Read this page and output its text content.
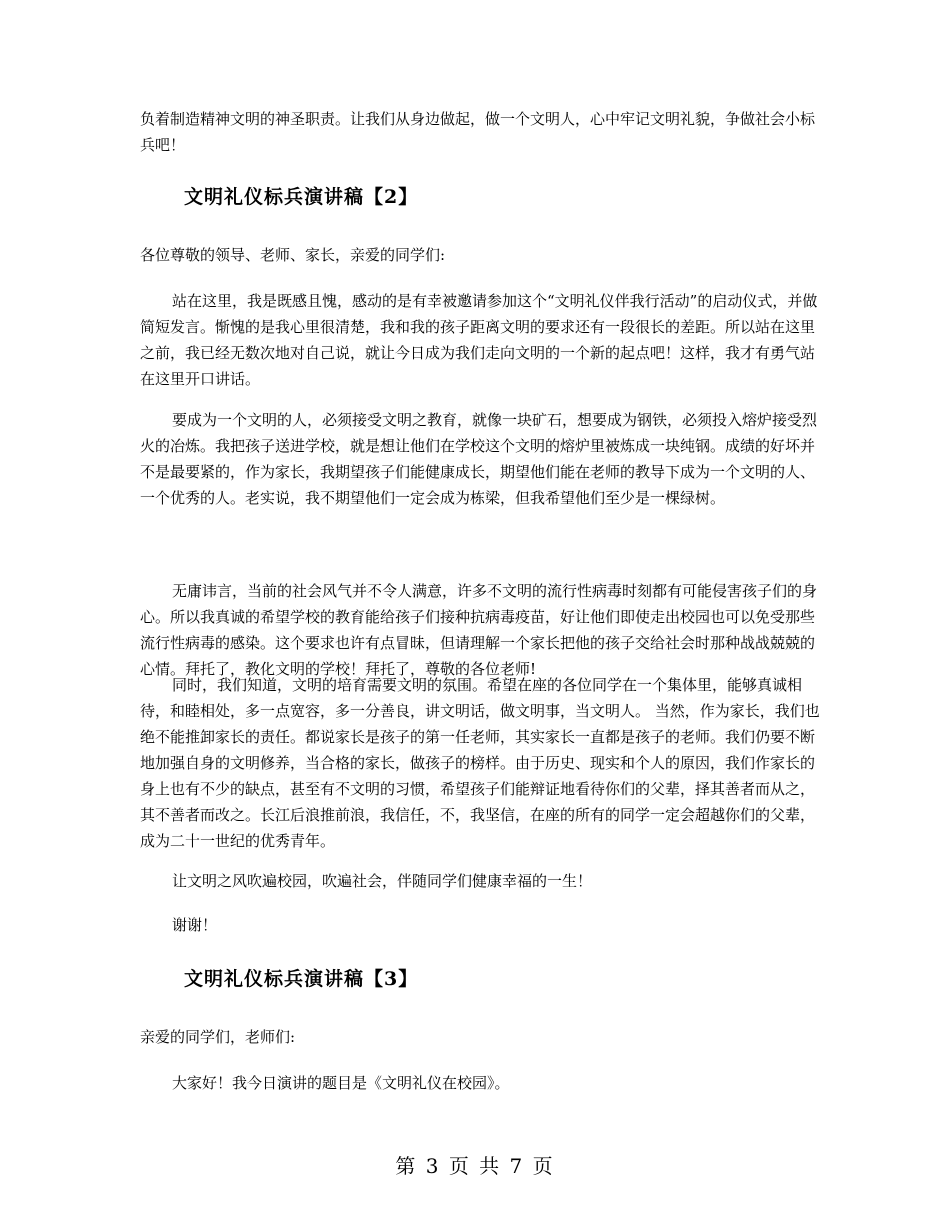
负着制造精神文明的神圣职责。让我们从身边做起，做一个文明人，心中牢记文明礼貌，争做社会小标兵吧！

文明礼仪标兵演讲稿【2】

各位尊敬的领导、老师、家长，亲爱的同学们:

站在这里，我是既感且愧，感动的是有幸被邀请参加这个“文明礼仪伴我行活动”的启动仪式，并做简短发言。惭愧的是我心里很清楚，我和我的孩子距离文明的要求还有一段很长的差距。所以站在这里之前，我已经无数次地对自己说，就让今日成为我们走向文明的一个新的起点吧！这样，我才有勇气站在这里开口讲话。

要成为一个文明的人，必须接受文明之教育，就像一块矿石，想要成为钢铁，必须投入熔炉接受烈火的冶炼。我把孩子送进学校，就是想让他们在学校这个文明的熔炉里被炼成一块纯钢。成绩的好坏并不是最要紧的，作为家长，我期望孩子们能健康成长，期望他们能在老师的教导下成为一个文明的人、一个优秀的人。老实说，我不期望他们一定会成为栋梁，但我希望他们至少是一棵绿树。

无庸讳言，当前的社会风气并不令人满意，许多不文明的流行性病毒时刻都有可能侵害孩子们的身心。所以我真诚的希望学校的教育能给孩子们接种抗病毒疫苗，好让他们即使走出校园也可以免受那些流行性病毒的感染。这个要求也许有点冒昧，但请理解一个家长把他的孩子交给社会时那种战战兢兢的心情。拜托了，教化文明的学校！拜托了，尊敬的各位老师!

同时，我们知道，文明的培育需要文明的氛围。希望在座的各位同学在一个集体里，能够真诚相待，和睦相处，多一点宽容，多一分善良，讲文明话，做文明事，当文明人。 当然，作为家长，我们也绝不能推卸家长的责任。都说家长是孩子的第一任老师，其实家长一直都是孩子的老师。我们仍要不断地加强自身的文明修养，当合格的家长，做孩子的榜样。由于历史、现实和个人的原因，我们作家长的身上也有不少的缺点，甚至有不文明的习惯，希望孩子们能辩证地看待你们的父辈，择其善者而从之，其不善者而改之。长江后浪推前浪，我信任，不，我坚信，在座的所有的同学一定会超越你们的父辈，成为二十一世纪的优秀青年。

让文明之风吹遍校园，吹遍社会，伴随同学们健康幸福的一生！

谢谢！

文明礼仪标兵演讲稿【3】

亲爱的同学们，老师们:

大家好！我今日演讲的题目是《文明礼仪在校园》。

第 3 页 共 7 页
